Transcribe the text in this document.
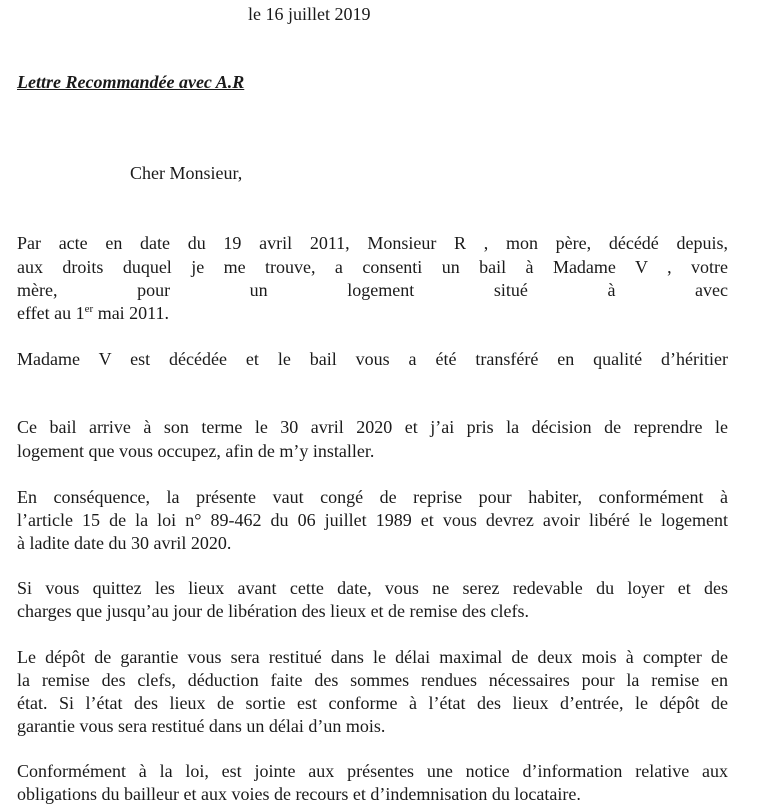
le 16 juillet 2019
Lettre Recommandée avec A.R
Cher Monsieur,
Par acte en date du 19 avril 2011, Monsieur R , mon père, décédé depuis,
aux droits duquel je me trouve, a consenti un bail à Madame V , votre
mère, pour un logement situé à avec
effet au 1er mai 2011.
Madame V est décédée et le bail vous a été transféré en qualité d’héritier
Ce bail arrive à son terme le 30 avril 2020 et j’ai pris la décision de reprendre le
logement que vous occupez, afin de m’y installer.
En conséquence, la présente vaut congé de reprise pour habiter, conformément à
l’article 15 de la loi n° 89-462 du 06 juillet 1989 et vous devrez avoir libéré le logement
à ladite date du 30 avril 2020.
Si vous quittez les lieux avant cette date, vous ne serez redevable du loyer et des
charges que jusqu’au jour de libération des lieux et de remise des clefs.
Le dépôt de garantie vous sera restitué dans le délai maximal de deux mois à compter de
la remise des clefs, déduction faite des sommes rendues nécessaires pour la remise en
état. Si l’état des lieux de sortie est conforme à l’état des lieux d’entrée, le dépôt de
garantie vous sera restitué dans un délai d’un mois.
Conformément à la loi, est jointe aux présentes une notice d’information relative aux
obligations du bailleur et aux voies de recours et d’indemnisation du locataire.
